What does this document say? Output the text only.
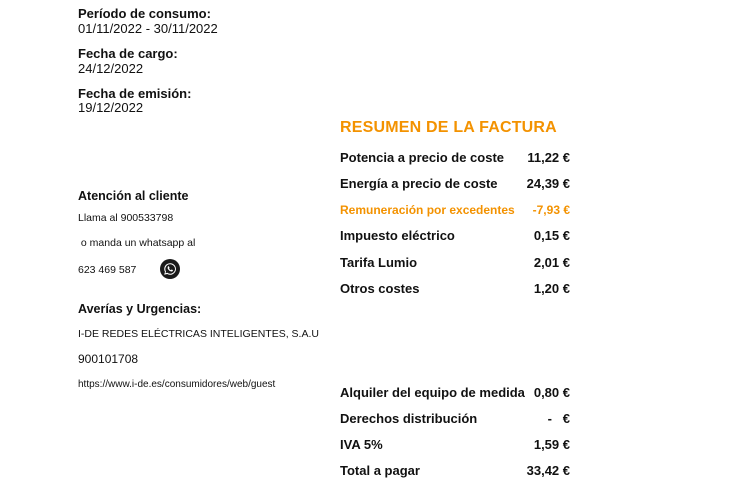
Período de consumo:
01/11/2022 - 30/11/2022
Fecha de cargo:
24/12/2022
Fecha de emisión:
19/12/2022
Atención al cliente
Llama al 900533798
o manda un whatsapp al
623 469 587
Averías y Urgencias:
I-DE REDES ELÉCTRICAS INTELIGENTES, S.A.U
900101708
https://www.i-de.es/consumidores/web/guest
RESUMEN DE LA FACTURA
Potencia a precio de coste	11,22 €
Energía a precio de coste	24,39 €
Remuneración por excedentes	-7,93 €
Impuesto eléctrico	0,15 €
Tarifa Lumio	2,01 €
Otros costes	1,20 €
Alquiler del equipo de medida 0,80 €
Derechos distribución	-   €
IVA 5%	1,59 €
Total a pagar	33,42 €
